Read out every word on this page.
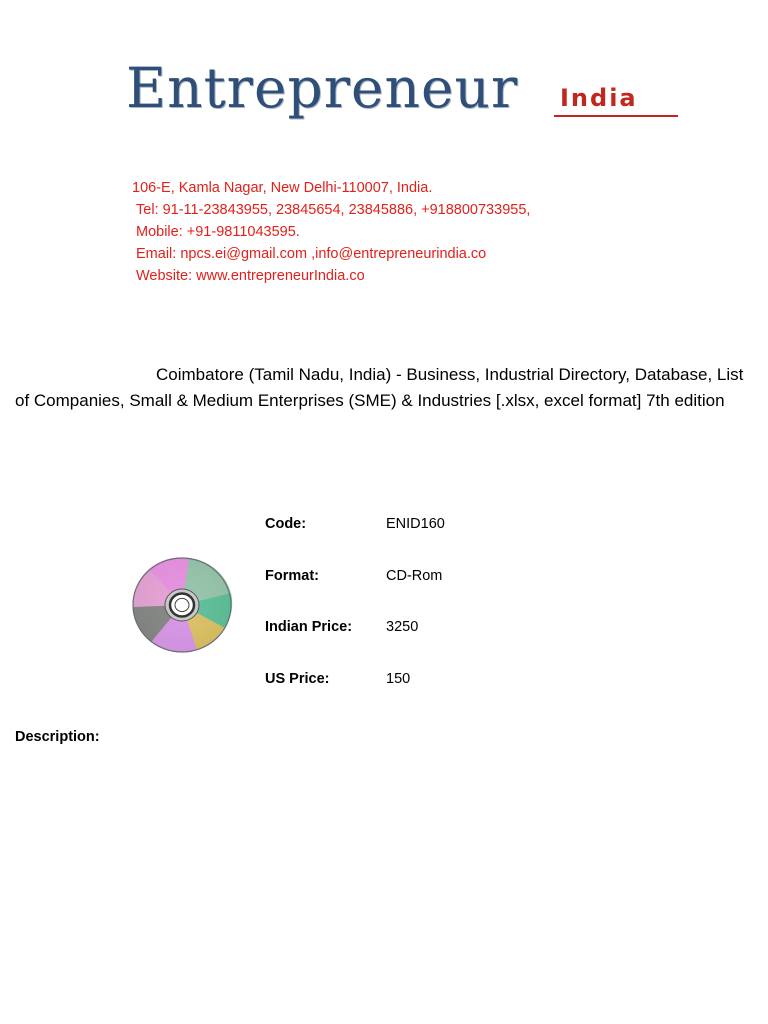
Entrepreneur India
106-E, Kamla Nagar, New Delhi-110007, India.
Tel: 91-11-23843955, 23845654, 23845886, +918800733955,
Mobile: +91-9811043595.
Email: npcs.ei@gmail.com ,info@entrepreneurindia.co
Website: www.entrepreneurIndia.co
Coimbatore (Tamil Nadu, India) - Business, Industrial Directory, Database, List of Companies, Small & Medium Enterprises (SME) & Industries [.xlsx, excel format] 7th edition
Code:	ENID160
Format:	CD-Rom
Indian Price: 3250
US Price:	150
Description:
